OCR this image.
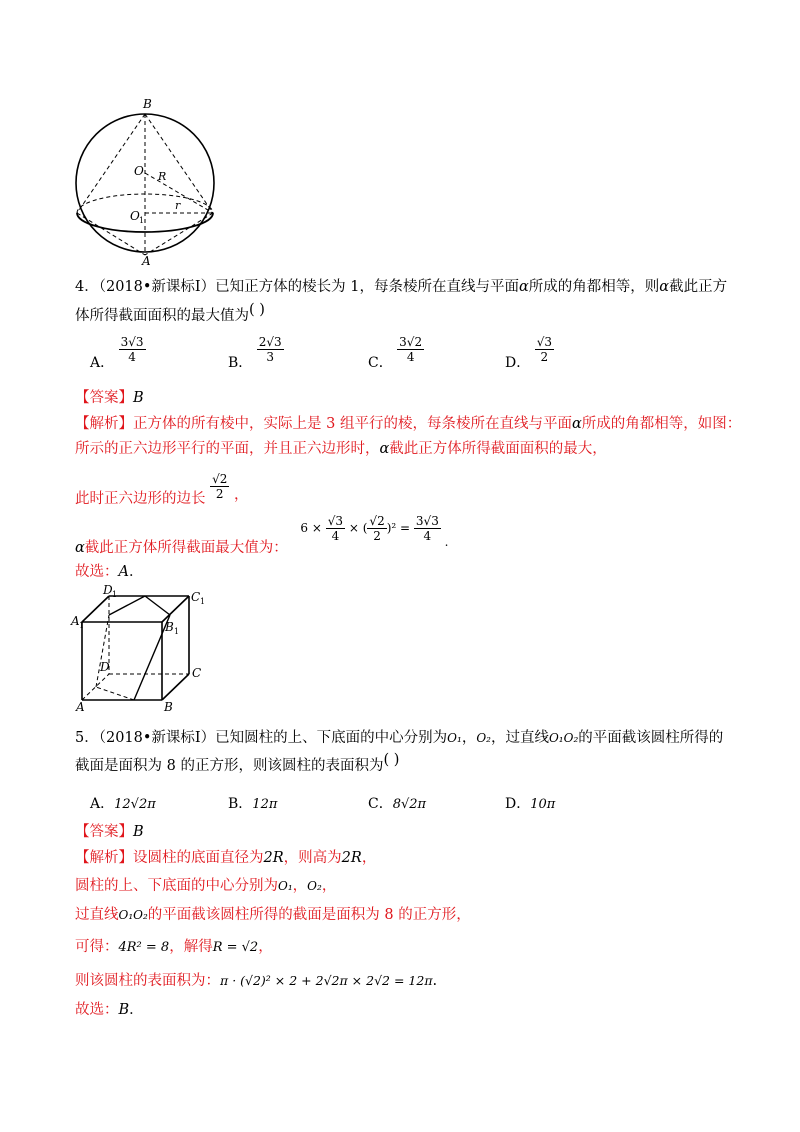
B
O R
O 1
r
A
4．（2018•新课标Ⅰ）已知正方体的棱长为 1，每条棱所在直线与平面α所成的角都相等，则α截此正方
体所得截面面积的最大值为( )
A． $\frac{3√3}{4}$	B． $\frac{2√3}{3}$	C． $\frac{3√2}{4}$	D． $\frac{√3}{2}$
【答案】B
【解析】正方体的所有棱中，实际上是 3 组平行的棱，每条棱所在直线与平面α所成的角都相等，如图：
所示的正六边形平行的平面，并且正六边形时，α截此正方体所得截面面积的最大，
此时正六边形的边长 $\frac{√2}{2}$ ，
α截此正方体所得截面最大值为： $6 \times \frac{√3}{4}$ × ( $\frac{√2}{2} )^2 = \frac{3√3}{4}$ .
故选：A．
D 1	C 1
A 1	B 1
D	C
A	B
5．（2018•新课标Ⅰ）已知圆柱的上、下底面的中心分别为O₁，O₂，过直线O₁O₂的平面截该圆柱所得的
截面是面积为 8 的正方形，则该圆柱的表面积为( )
A．12√2π	B．12π	C．8√2π	D．10π
【答案】B
【解析】设圆柱的底面直径为2R，则高为2R，
圆柱的上、下底面的中心分别为O₁，O₂，
过直线O₁O₂的平面截该圆柱所得的截面是面积为 8 的正方形，
可得：4R² = 8，解得R = √2，
则该圆柱的表面积为：π · (√2)² × 2 + 2√2π × 2√2 = 12π.
故选：B．
